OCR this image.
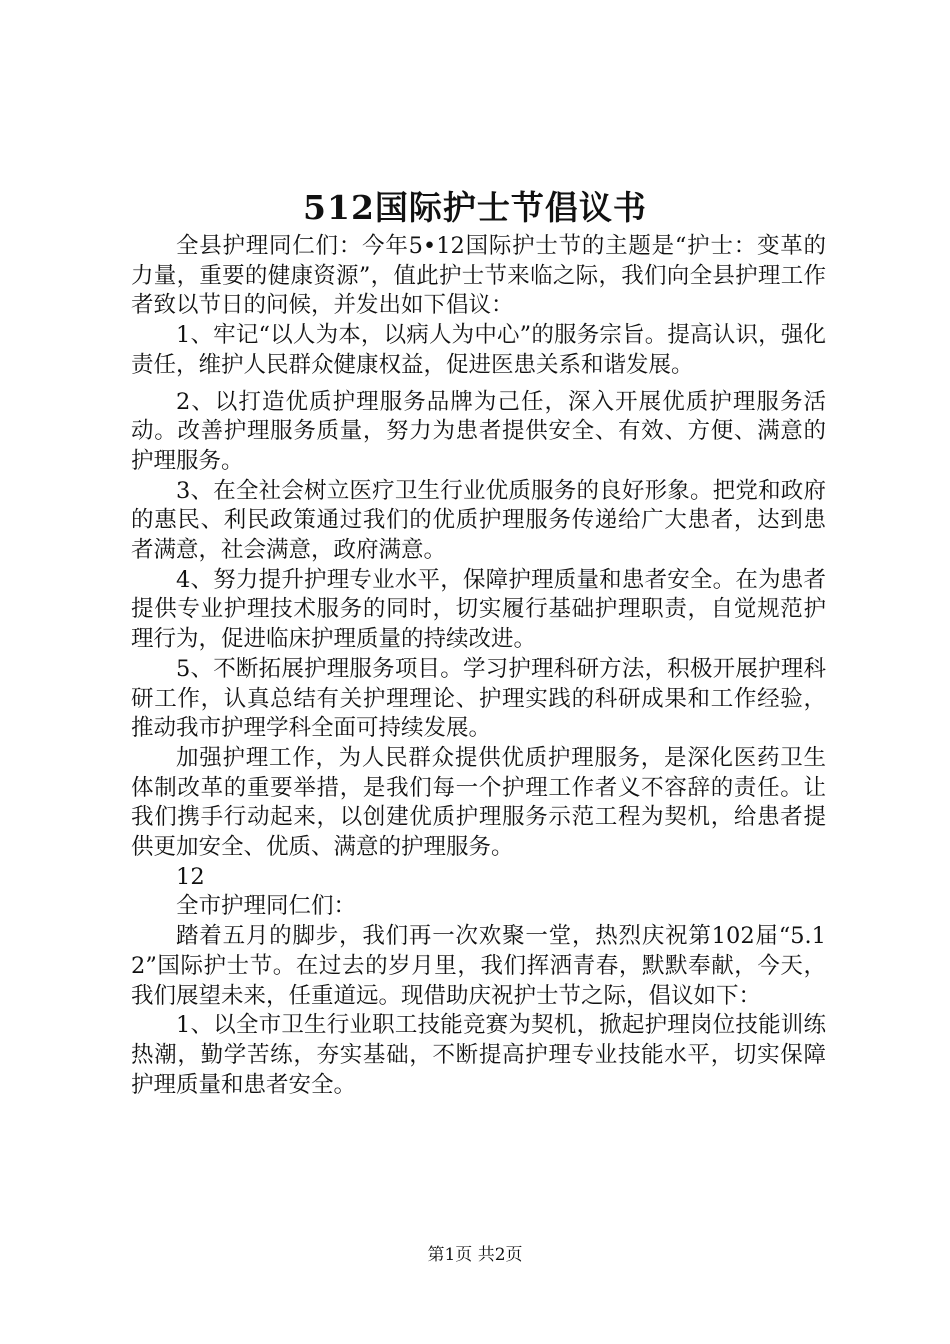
512国际护士节倡议书

全县护理同仁们：今年5•12国际护士节的主题是“护士：变革的力量，重要的健康资源”，值此护士节来临之际，我们向全县护理工作者致以节日的问候，并发出如下倡议：

1、牢记“以人为本，以病人为中心”的服务宗旨。提高认识，强化责任，维护人民群众健康权益，促进医患关系和谐发展。

2、以打造优质护理服务品牌为己任，深入开展优质护理服务活动。改善护理服务质量，努力为患者提供安全、有效、方便、满意的护理服务。

3、在全社会树立医疗卫生行业优质服务的良好形象。把党和政府的惠民、利民政策通过我们的优质护理服务传递给广大患者，达到患者满意，社会满意，政府满意。

4、努力提升护理专业水平，保障护理质量和患者安全。在为患者提供专业护理技术服务的同时，切实履行基础护理职责，自觉规范护理行为，促进临床护理质量的持续改进。

5、不断拓展护理服务项目。学习护理科研方法，积极开展护理科研工作，认真总结有关护理理论、护理实践的科研成果和工作经验，推动我市护理学科全面可持续发展。

加强护理工作，为人民群众提供优质护理服务，是深化医药卫生体制改革的重要举措，是我们每一个护理工作者义不容辞的责任。让我们携手行动起来，以创建优质护理服务示范工程为契机，给患者提供更加安全、优质、满意的护理服务。

12

全市护理同仁们：

踏着五月的脚步，我们再一次欢聚一堂，热烈庆祝第102届“5.12”国际护士节。在过去的岁月里，我们挥洒青春，默默奉献，今天，我们展望未来，任重道远。现借助庆祝护士节之际，倡议如下：

1、以全市卫生行业职工技能竞赛为契机，掀起护理岗位技能训练热潮，勤学苦练，夯实基础，不断提高护理专业技能水平，切实保障护理质量和患者安全。

第1页 共2页
